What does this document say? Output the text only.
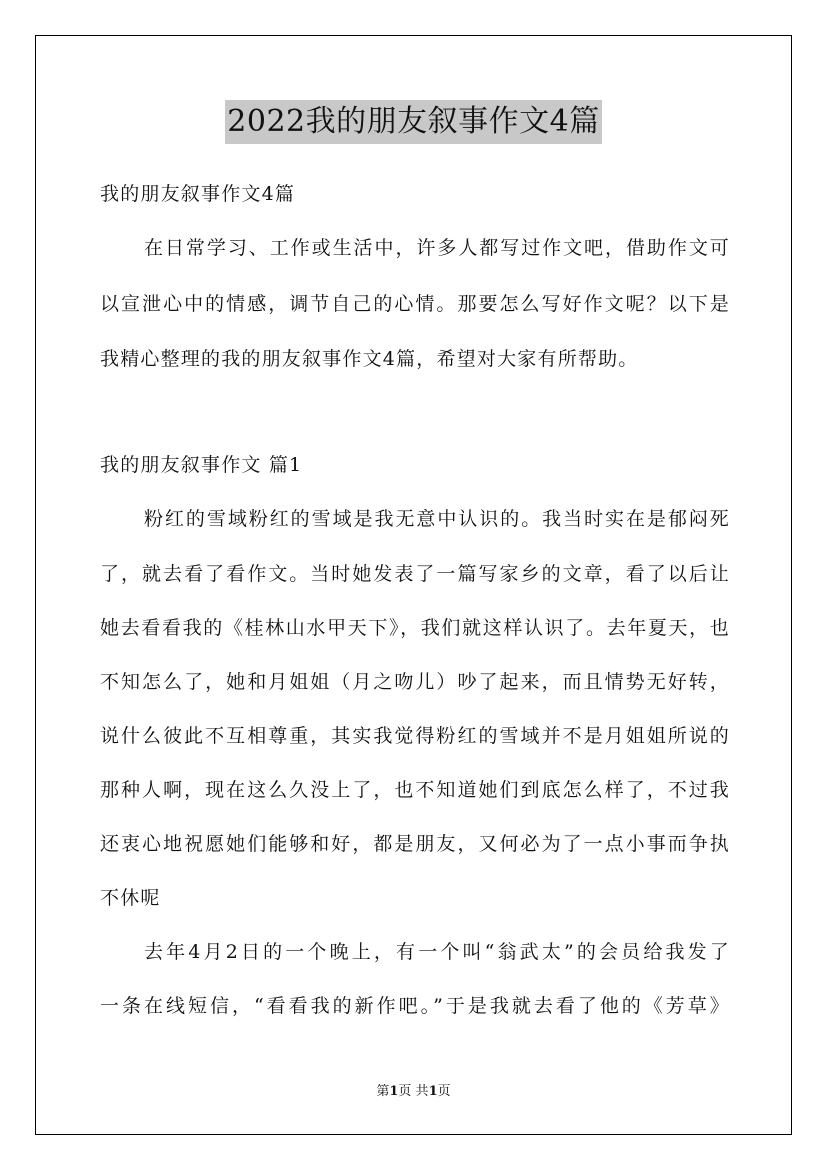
2022我的朋友叙事作文4篇
我的朋友叙事作文4篇
在日常学习、工作或生活中，许多人都写过作文吧，借助作文可
以宣泄心中的情感，调节自己的心情。那要怎么写好作文呢？以下是
我精心整理的我的朋友叙事作文4篇，希望对大家有所帮助。
我的朋友叙事作文 篇1
粉红的雪域粉红的雪域是我无意中认识的。我当时实在是郁闷死
了，就去看了看作文。当时她发表了一篇写家乡的文章，看了以后让
她去看看我的《桂林山水甲天下》，我们就这样认识了。去年夏天，也
不知怎么了，她和月姐姐（月之吻儿）吵了起来，而且情势无好转，
说什么彼此不互相尊重，其实我觉得粉红的雪域并不是月姐姐所说的
那种人啊，现在这么久没上了，也不知道她们到底怎么样了，不过我
还衷心地祝愿她们能够和好，都是朋友，又何必为了一点小事而争执
不休呢
去年4月2日的一个晚上，有一个叫“翁武太”的会员给我发了
一条在线短信，“看看我的新作吧。”于是我就去看了他的《芳草》
第1页 共1页
